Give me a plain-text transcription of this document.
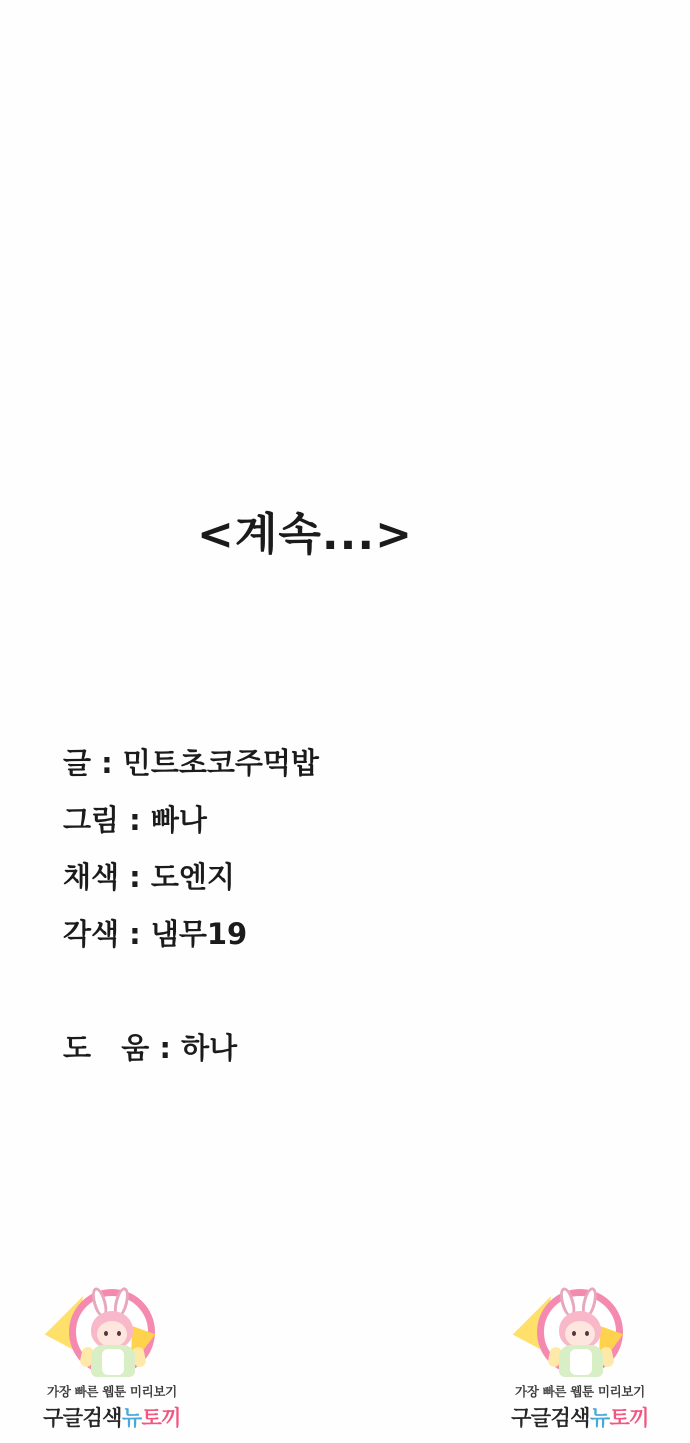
<계속...>
글 : 민트초코주먹밥
그림 : 빠나
채색 : 도엔지
각색 : 냄무19
도   움 : 하나
가장 빠른 웹툰 미리보기
구글검색뉴토끼
가장 빠른 웹툰 미리보기
구글검색뉴토끼
